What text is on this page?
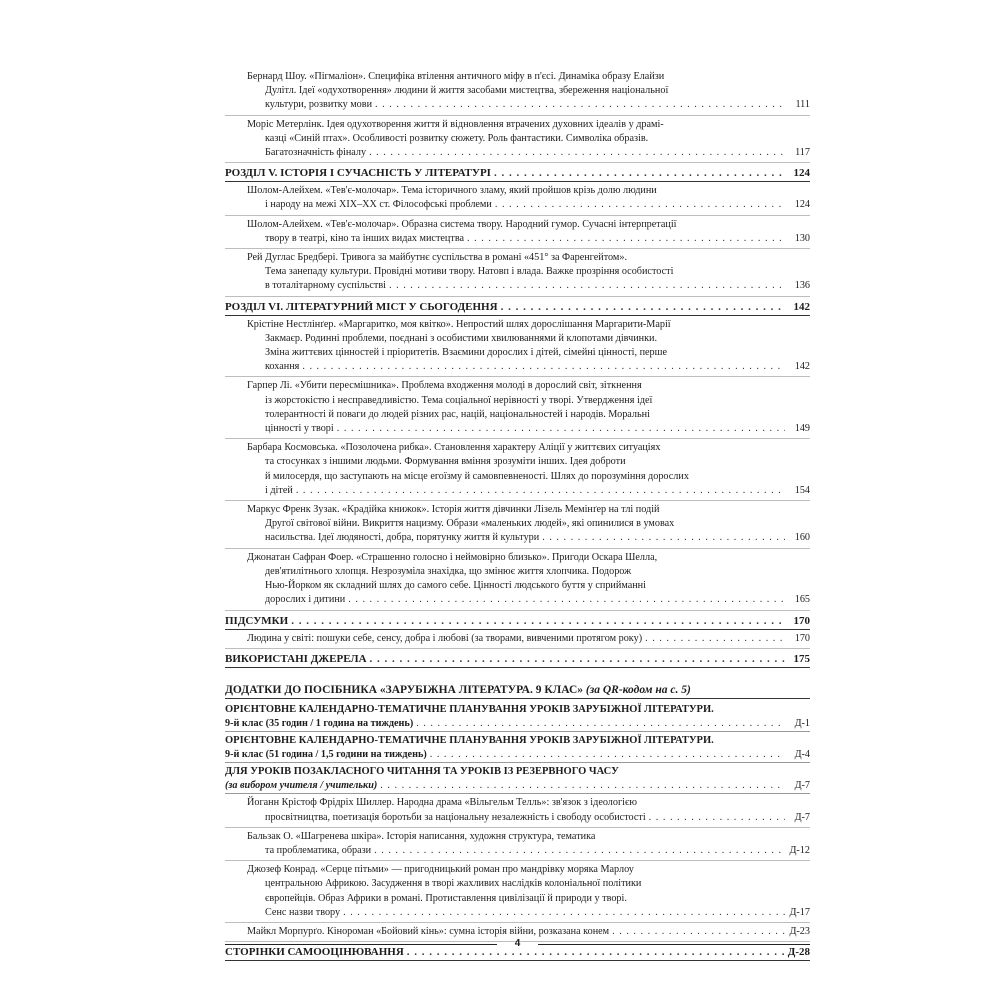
Бернард Шоу. «Пігмаліон». Специфіка втілення античного міфу в п'єсі. Динаміка образу Елайзи
Дулітл. Ідеї «одухотворення» людини й життя засобами мистецтва, збереження національної
культури, розвитку мови . . .	111
Моріс Метерлінк. Ідея одухотворення життя й відновлення втрачених духовних ідеалів у драмі-
казці «Синій птах». Особливості розвитку сюжету. Роль фантастики. Символіка образів.
Багатозначність фіналу . . .	117
РОЗДІЛ V. ІСТОРІЯ І СУЧАСНІСТЬ У ЛІТЕРАТУРІ . . .	124
Шолом-Алейхем. «Тев'є-молочар». Тема історичного зламу, який пройшов крізь долю людини
і народу на межі XIX–XX ст. Філософські проблеми . . .	124
Шолом-Алейхем. «Тев'є-молочар». Образна система твору. Народний гумор. Сучасні інтерпретації
твору в театрі, кіно та інших видах мистецтва . . .	130
Рей Дуглас Бредбері. Тривога за майбутнє суспільства в романі «451° за Фаренгейтом».
Тема занепаду культури. Провідні мотиви твору. Натовп і влада. Важке прозріння особистості
в тоталітарному суспільстві . . .	136
РОЗДІЛ VI. ЛІТЕРАТУРНИЙ МІСТ У СЬОГОДЕННЯ . . .	142
Крістіне Нестлінґер. «Маргаритко, моя квітко». Непростий шлях дорослішання Маргарити-Марії
Закмаєр. Родинні проблеми, поєднані з особистими хвилюваннями й клопотами дівчинки.
Зміна життєвих цінностей і пріоритетів. Взаємини дорослих і дітей, сімейні цінності, перше
кохання . . .	142
Гарпер Лі. «Убити пересмішника». Проблема входження молоді в дорослий світ, зіткнення
із жорстокістю і несправедливістю. Тема соціальної нерівності у творі. Утвердження ідеї
толерантності й поваги до людей різних рас, націй, національностей і народів. Моральні
цінності у творі . . .	149
Барбара Космовська. «Позолочена рибка». Становлення характеру Аліції у життєвих ситуаціях
та стосунках з іншими людьми. Формування вміння зрозуміти інших. Ідея доброти
й милосердя, що заступають на місце егоїзму й самовпевненості. Шлях до порозуміння дорослих
і дітей . . .	154
Маркус Френк Зузак. «Крадійка книжок». Історія життя дівчинки Лізель Мемінґер на тлі подій
Другої світової війни. Викриття нацизму. Образи «маленьких людей», які опинилися в умовах
насильства. Ідеї людяності, добра, порятунку життя й культури . . .	160
Джонатан Сафран Фоер. «Страшенно голосно і неймовірно близько». Пригоди Оскара Шелла,
дев'ятилітнього хлопця. Незрозуміла знахідка, що змінює життя хлопчика. Подорож
Нью-Йорком як складний шлях до самого себе. Цінності людського буття у сприйманні
дорослих і дитини . . .	165
ПІДСУМКИ . . .	170
Людина у світі: пошуки себе, сенсу, добра і любові (за творами, вивченими протягом року) . . .	170
ВИКОРИСТАНІ ДЖЕРЕЛА . . .	175
ДОДАТКИ ДО ПОСІБНИКА «ЗАРУБІЖНА ЛІТЕРАТУРА. 9 КЛАС»
(за QR-кодом на с. 5)
ОРІЄНТОВНЕ КАЛЕНДАРНО-ТЕМАТИЧНЕ ПЛАНУВАННЯ УРОКІВ ЗАРУБІЖНОЇ ЛІТЕРАТУРИ.
9-й клас (35 годин / 1 година на тиждень) . . .	Д-1
ОРІЄНТОВНЕ КАЛЕНДАРНО-ТЕМАТИЧНЕ ПЛАНУВАННЯ УРОКІВ ЗАРУБІЖНОЇ ЛІТЕРАТУРИ.
9-й клас (51 година / 1,5 години на тиждень) . . .	Д-4
ДЛЯ УРОКІВ ПОЗАКЛАСНОГО ЧИТАННЯ ТА УРОКІВ ІЗ РЕЗЕРВНОГО ЧАСУ
(за вибором учителя / учительки) . . .	Д-7
Йоганн Крістоф Фрідріх Шиллер. Народна драма «Вільгельм Телль»: зв'язок з ідеологією
просвітництва, поетизація боротьби за національну незалежність і свободу особистості . . .	Д-7
Бальзак О. «Шагренева шкіра». Історія написання, художня структура, тематика
та проблематика, образи . . .	Д-12
Джозеф Конрад. «Серце пітьми» — пригодницький роман про мандрівку моряка Марлоу
центральною Африкою. Засудження в творі жахливих наслідків колоніальної політики
європейців. Образ Африки в романі. Протиставлення цивілізації й природи у творі.
Сенс назви твору . . .	Д-17
Майкл Морпурґо. Кінороман «Бойовий кінь»: сумна історія війни, розказана конем . . .	Д-23
СТОРІНКИ САМООЦІНЮВАННЯ . . .	Д-28
4
